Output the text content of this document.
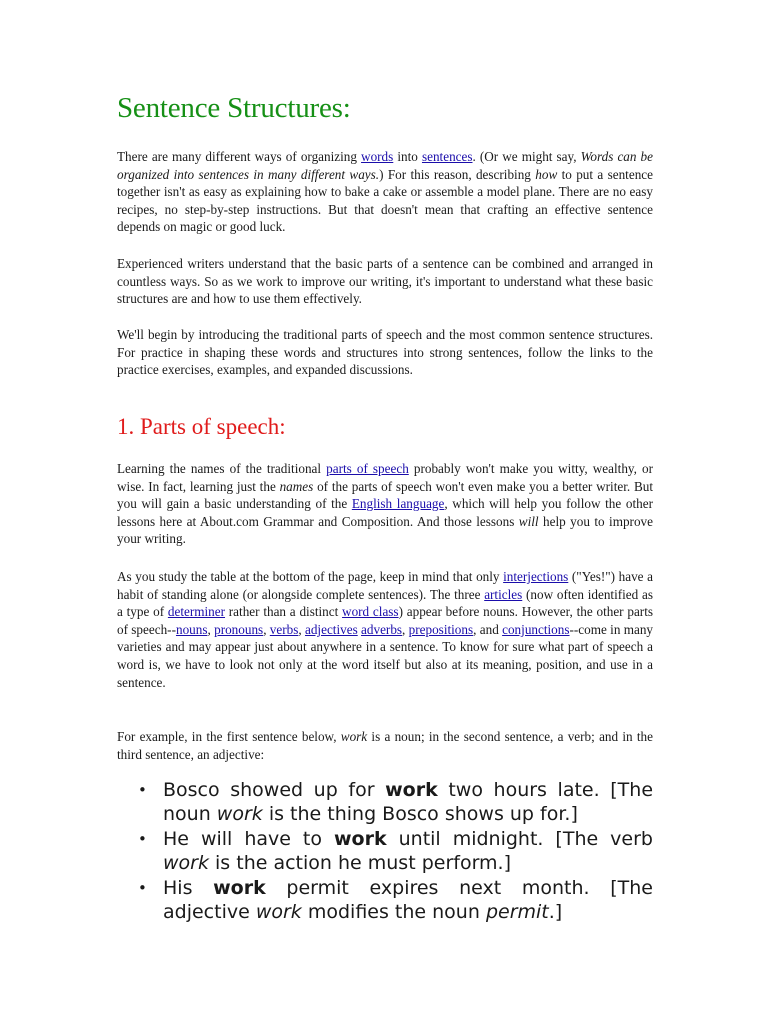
Sentence Structures:

There are many different ways of organizing words into sentences. (Or we might say, Words can be organized into sentences in many different ways.) For this reason, describing how to put a sentence together isn't as easy as explaining how to bake a cake or assemble a model plane. There are no easy recipes, no step-by-step instructions. But that doesn't mean that crafting an effective sentence depends on magic or good luck.

Experienced writers understand that the basic parts of a sentence can be combined and arranged in countless ways. So as we work to improve our writing, it's important to understand what these basic structures are and how to use them effectively.

We'll begin by introducing the traditional parts of speech and the most common sentence structures. For practice in shaping these words and structures into strong sentences, follow the links to the practice exercises, examples, and expanded discussions.

1. Parts of speech:

Learning the names of the traditional parts of speech probably won't make you witty, wealthy, or wise. In fact, learning just the names of the parts of speech won't even make you a better writer. But you will gain a basic understanding of the English language, which will help you follow the other lessons here at About.com Grammar and Composition. And those lessons will help you to improve your writing.

As you study the table at the bottom of the page, keep in mind that only interjections ("Yes!") have a habit of standing alone (or alongside complete sentences). The three articles (now often identified as a type of determiner rather than a distinct word class) appear before nouns. However, the other parts of speech--nouns, pronouns, verbs, adjectives adverbs, prepositions, and conjunctions--come in many varieties and may appear just about anywhere in a sentence. To know for sure what part of speech a word is, we have to look not only at the word itself but also at its meaning, position, and use in a sentence.

For example, in the first sentence below, work is a noun; in the second sentence, a verb; and in the third sentence, an adjective:

• Bosco showed up for work two hours late. [The noun work is the thing Bosco shows up for.]
• He will have to work until midnight. [The verb work is the action he must perform.]
• His work permit expires next month. [The adjective work modifies the noun permit.]
